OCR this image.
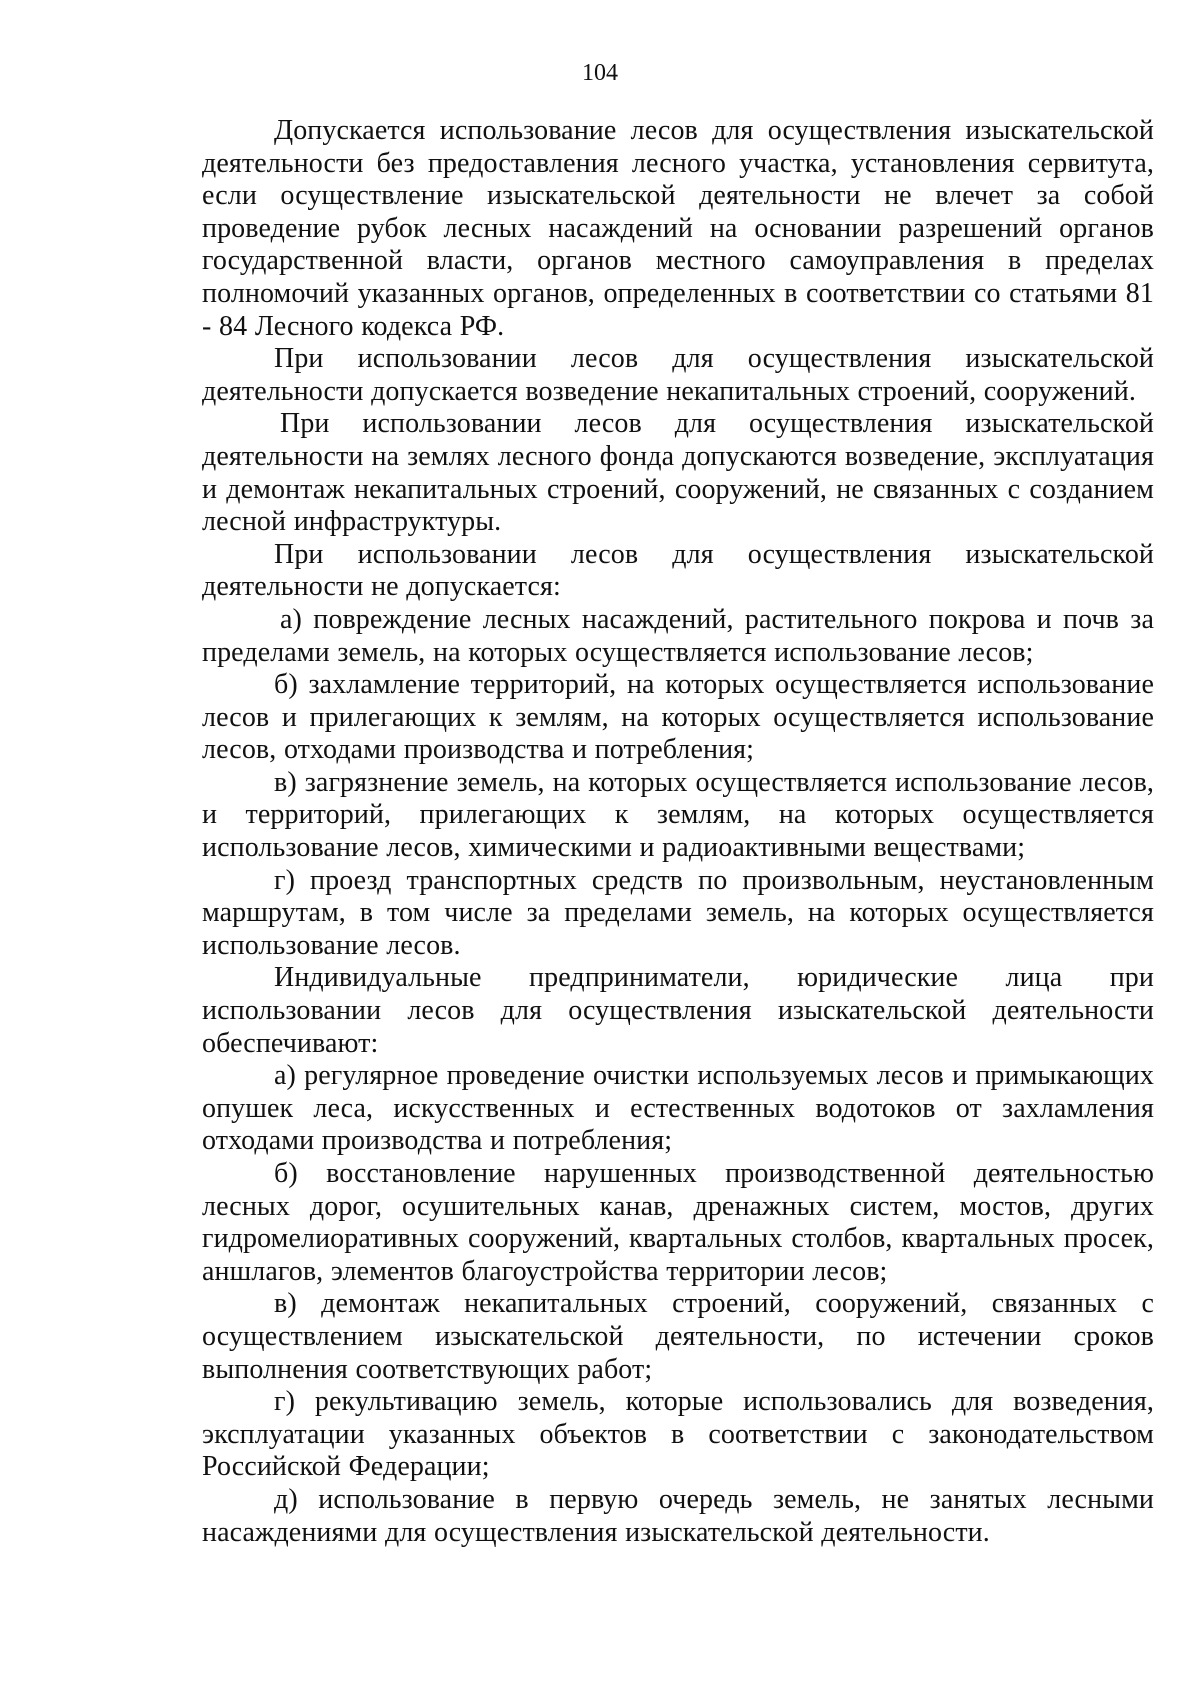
104

Допускается использование лесов для осуществления изыскательской деятельности без предоставления лесного участка, установления сервитута, если осуществление изыскательской деятельности не влечет за собой проведение рубок лесных насаждений на основании разрешений органов государственной власти, органов местного самоуправления в пределах полномочий указанных органов, определенных в соответствии со статьями 81 - 84 Лесного кодекса РФ.

При использовании лесов для осуществления изыскательской деятельности допускается возведение некапитальных строений, сооружений.

При использовании лесов для осуществления изыскательской деятельности на землях лесного фонда допускаются возведение, эксплуатация и демонтаж некапитальных строений, сооружений, не связанных с созданием лесной инфраструктуры.

При использовании лесов для осуществления изыскательской деятельности не допускается:

а) повреждение лесных насаждений, растительного покрова и почв за пределами земель, на которых осуществляется использование лесов;

б) захламление территорий, на которых осуществляется использование лесов и прилегающих к землям, на которых осуществляется использование лесов, отходами производства и потребления;

в) загрязнение земель, на которых осуществляется использование лесов, и территорий, прилегающих к землям, на которых осуществляется использование лесов, химическими и радиоактивными веществами;

г) проезд транспортных средств по произвольным, неустановленным маршрутам, в том числе за пределами земель, на которых осуществляется использование лесов.

Индивидуальные предприниматели, юридические лица при использовании лесов для осуществления изыскательской деятельности обеспечивают:

а) регулярное проведение очистки используемых лесов и примыкающих опушек леса, искусственных и естественных водотоков от захламления отходами производства и потребления;

б) восстановление нарушенных производственной деятельностью лесных дорог, осушительных канав, дренажных систем, мостов, других гидромелиоративных сооружений, квартальных столбов, квартальных просек, аншлагов, элементов благоустройства территории лесов;

в) демонтаж некапитальных строений, сооружений, связанных с осуществлением изыскательской деятельности, по истечении сроков выполнения соответствующих работ;

г) рекультивацию земель, которые использовались для возведения, эксплуатации указанных объектов в соответствии с законодательством Российской Федерации;

д) использование в первую очередь земель, не занятых лесными насаждениями для осуществления изыскательской деятельности.
